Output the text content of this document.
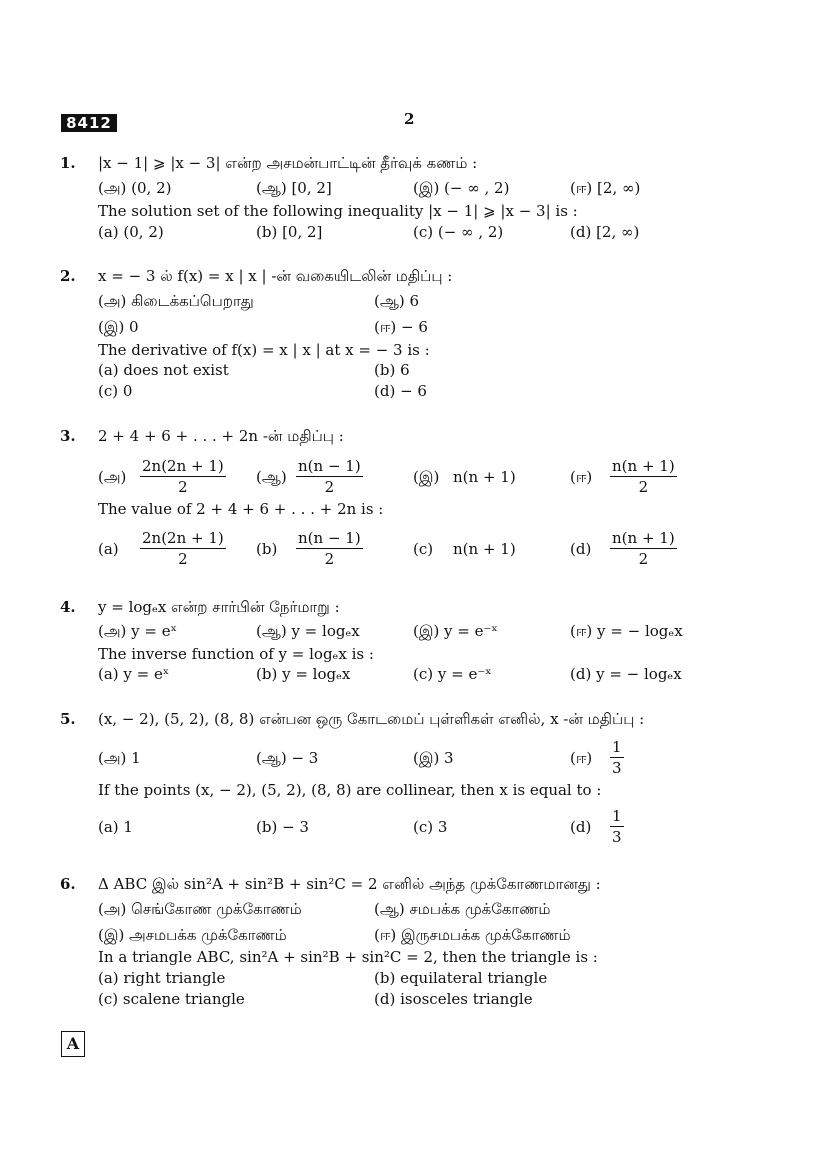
8412	2
1. |x − 1| ⩾ |x − 3| என்ற அசமன்பாட்டின் தீர்வுக் கணம் :
(அ) (0, 2)	(ஆ) [0, 2]	(இ) (− ∞ , 2)	(ஈ) [2, ∞)
The solution set of the following inequality |x − 1| ⩾ |x − 3| is :
(a) (0, 2)	(b) [0, 2]	(c) (− ∞ , 2)	(d) [2, ∞)
2. x = − 3 ல் f(x) = x | x | -ன் வகையிடலின் மதிப்பு :
(அ) கிடைக்கப்பெறாது	(ஆ) 6
(இ) 0	(ஈ) − 6
The derivative of f(x) = x | x | at x = − 3 is :
(a) does not exist	(b) 6
(c) 0	(d) − 6
3. 2 + 4 + 6 + . . . + 2n -ன் மதிப்பு :
(அ) $\frac{2n(2n + 1)}{2}$ (ஆ) $\frac{n(n - 1)}{2}$	(இ) n(n + 1)	(ஈ) $\frac{n(n + 1)}{2}$
The value of 2 + 4 + 6 + . . . + 2n is :
$(a) \frac{2n(2n + 1)}{2} (b) \frac{n(n - 1)}{2}$	(c) n(n + 1)	$(d) \frac{n(n + 1)}{2}$
4. y = logₑx என்ற சார்பின் நேர்மாறு :
(அ) y = eˣ	(ஆ) y = logₑx	(இ) y = e⁻ˣ	(ஈ) y = − logₑx
The inverse function of y = logₑx is :
(a) y = eˣ	(b) y = logₑx	(c) y = e⁻ˣ	(d) y = − logₑx
5. (x, − 2), (5, 2), (8, 8) என்பன ஒரு கோடமைப் புள்ளிகள் எனில், x -ன் மதிப்பு :
(அ) 1	(ஆ) − 3	(இ) 3	(ஈ) $\frac{1}{3}$
If the points (x, − 2), (5, 2), (8, 8) are collinear, then x is equal to :
(a) 1	(b) − 3	(c) 3	$(d) \frac{1}{3}$
6. Δ ABC இல் sin²A + sin²B + sin²C = 2 எனில் அந்த முக்கோணமானது :
(அ) செங்கோண முக்கோணம்	(ஆ) சமபக்க முக்கோணம்
(இ) அசமபக்க முக்கோணம்	(ஈ) இருசமபக்க முக்கோணம்
In a triangle ABC, sin²A + sin²B + sin²C = 2, then the triangle is :
(a) right triangle	(b) equilateral triangle
(c) scalene triangle	(d) isosceles triangle
A
